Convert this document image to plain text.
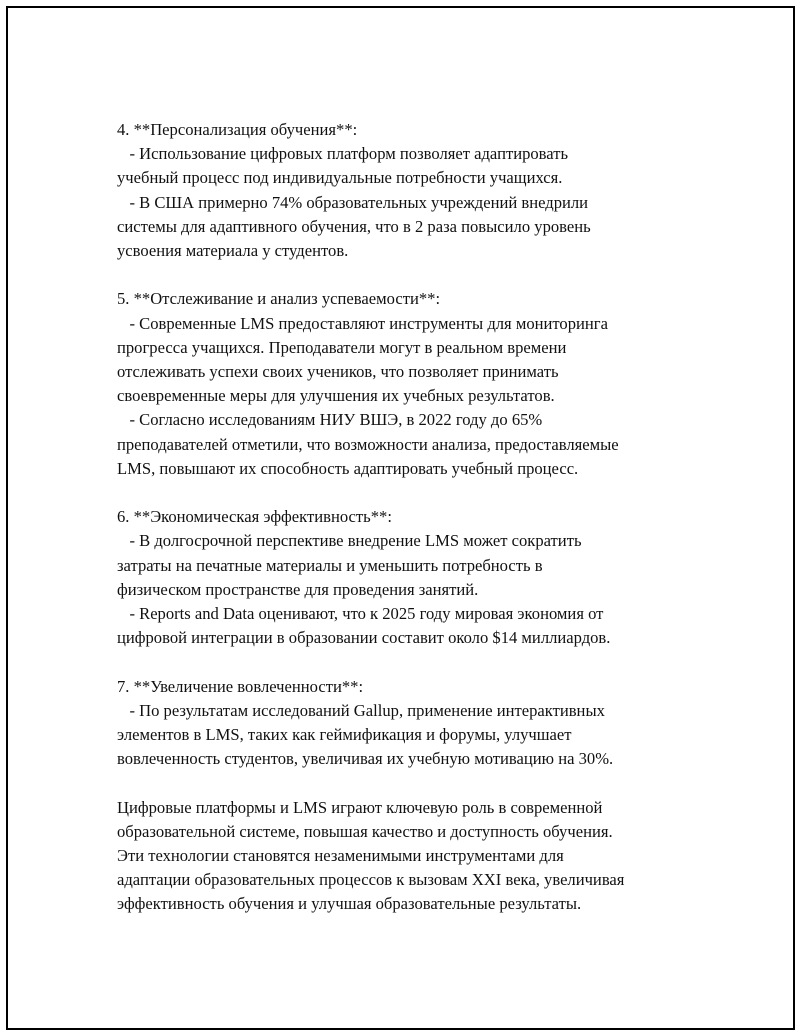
4. **Персонализация обучения**:
- Использование цифровых платформ позволяет адаптировать
учебный процесс под индивидуальные потребности учащихся.
- В США примерно 74% образовательных учреждений внедрили
системы для адаптивного обучения, что в 2 раза повысило уровень
усвоения материала у студентов.
5. **Отслеживание и анализ успеваемости**:
- Современные LMS предоставляют инструменты для мониторинга
прогресса учащихся. Преподаватели могут в реальном времени
отслеживать успехи своих учеников, что позволяет принимать
своевременные меры для улучшения их учебных результатов.
- Согласно исследованиям НИУ ВШЭ, в 2022 году до 65%
преподавателей отметили, что возможности анализа, предоставляемые
LMS, повышают их способность адаптировать учебный процесс.
6. **Экономическая эффективность**:
- В долгосрочной перспективе внедрение LMS может сократить
затраты на печатные материалы и уменьшить потребность в
физическом пространстве для проведения занятий.
- Reports and Data оценивают, что к 2025 году мировая экономия от
цифровой интеграции в образовании составит около $14 миллиардов.
7. **Увеличение вовлеченности**:
- По результатам исследований Gallup, применение интерактивных
элементов в LMS, таких как геймификация и форумы, улучшает
вовлеченность студентов, увеличивая их учебную мотивацию на 30%.
Цифровые платформы и LMS играют ключевую роль в современной
образовательной системе, повышая качество и доступность обучения.
Эти технологии становятся незаменимыми инструментами для
адаптации образовательных процессов к вызовам XXI века, увеличивая
эффективность обучения и улучшая образовательные результаты.
